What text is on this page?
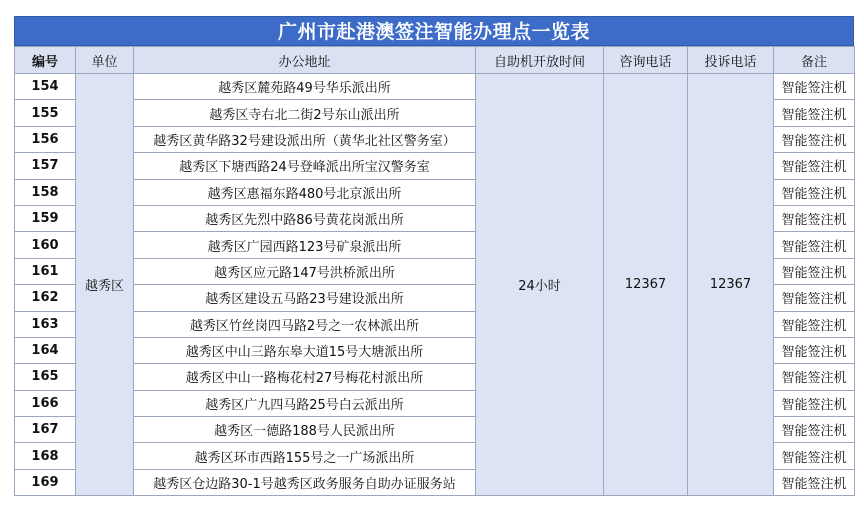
广州市赴港澳签注智能办理点一览表
编号	单位	办公地址	自助机开放时间	咨询电话	投诉电话	备注
154	越秀区	越秀区麓苑路49号华乐派出所	24小时	12367	12367	智能签注机
155		越秀区寺右北二街2号东山派出所				智能签注机
156		越秀区黄华路32号建设派出所（黄华北社区警务室）				智能签注机
157		越秀区下塘西路24号登峰派出所宝汉警务室				智能签注机
158		越秀区惠福东路480号北京派出所				智能签注机
159		越秀区先烈中路86号黄花岗派出所				智能签注机
160		越秀区广园西路123号矿泉派出所				智能签注机
161		越秀区应元路147号洪桥派出所				智能签注机
162		越秀区建设五马路23号建设派出所				智能签注机
163		越秀区竹丝岗四马路2号之一农林派出所				智能签注机
164		越秀区中山三路东皋大道15号大塘派出所				智能签注机
165		越秀区中山一路梅花村27号梅花村派出所				智能签注机
166		越秀区广九四马路25号白云派出所				智能签注机
167		越秀区一德路188号人民派出所				智能签注机
168		越秀区环市西路155号之一广场派出所				智能签注机
169		越秀区仓边路30-1号越秀区政务服务自助办证服务站				智能签注机
